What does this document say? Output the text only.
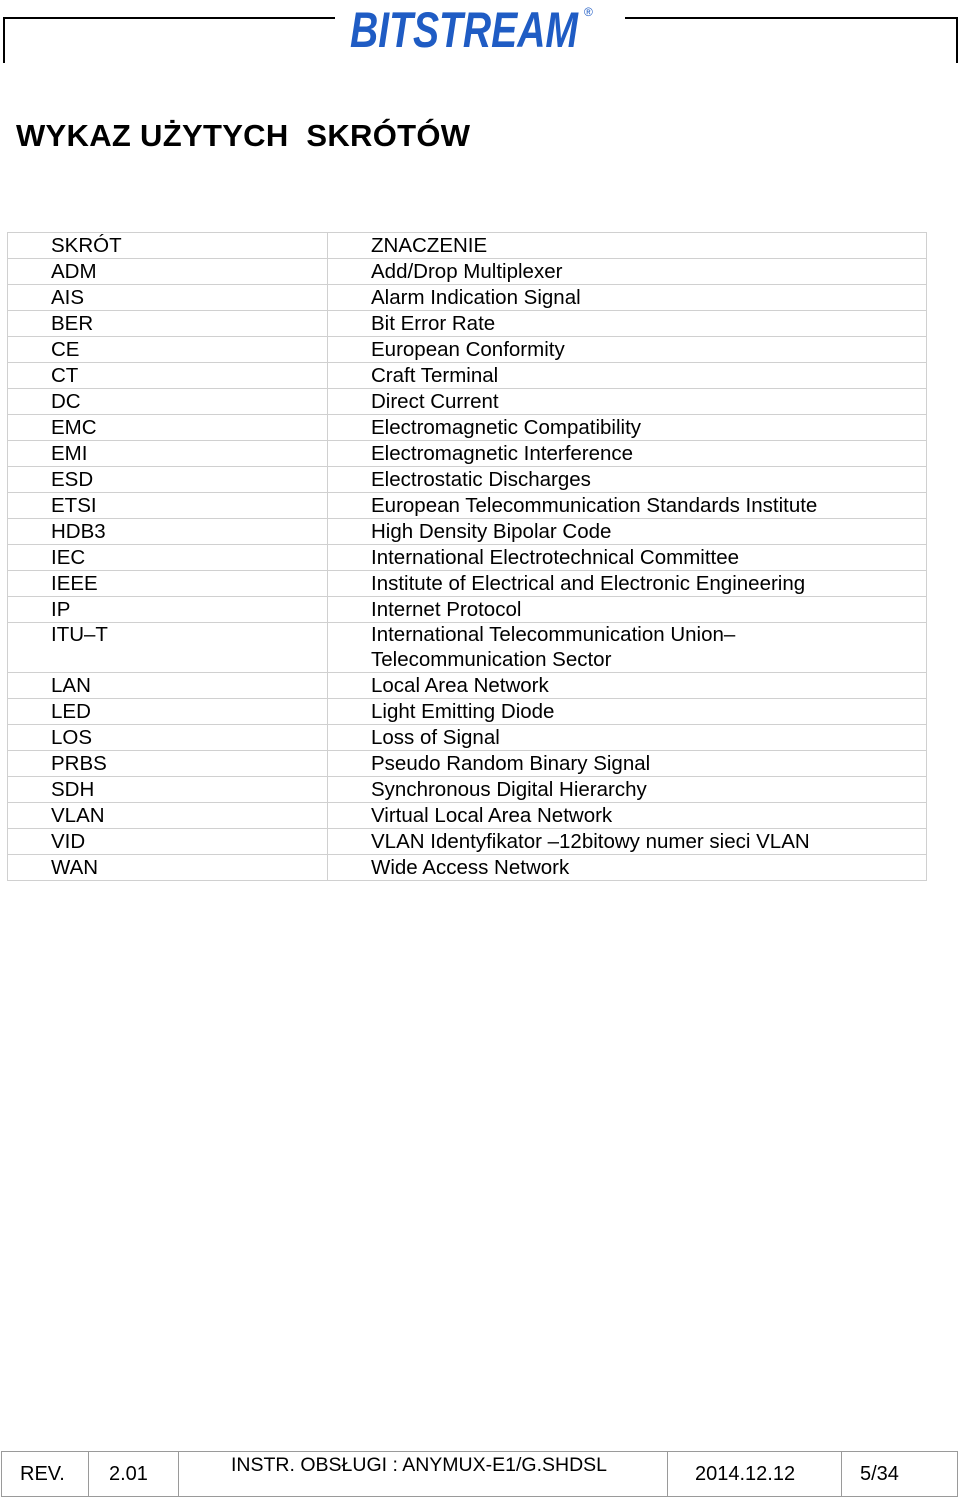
BITSTREAM ®
WYKAZ UŻYTYCH  SKRÓTÓW
SKRÓT	ZNACZENIE
ADM	Add/Drop Multiplexer
AIS	Alarm Indication Signal
BER	Bit Error Rate
CE	European Conformity
CT	Craft Terminal
DC	Direct Current
EMC	Electromagnetic Compatibility
EMI	Electromagnetic Interference
ESD	Electrostatic Discharges
ETSI	European Telecommunication Standards Institute
HDB3	High Density Bipolar Code
IEC	International Electrotechnical Committee
IEEE	Institute of Electrical and Electronic Engineering
IP	Internet Protocol
ITU–T	International Telecommunication Union–
Telecommunication Sector

LAN	Local Area Network
LED	Light Emitting Diode
LOS	Loss of Signal
PRBS	Pseudo Random Binary Signal
SDH	Synchronous Digital Hierarchy
VLAN	Virtual Local Area Network
VID	VLAN Identyfikator –12bitowy numer sieci VLAN
WAN	Wide Access Network
REV.	2.01	INSTR. OBSŁUGI : ANYMUX-E1/G.SHDSL	2014.12.12	5/34
